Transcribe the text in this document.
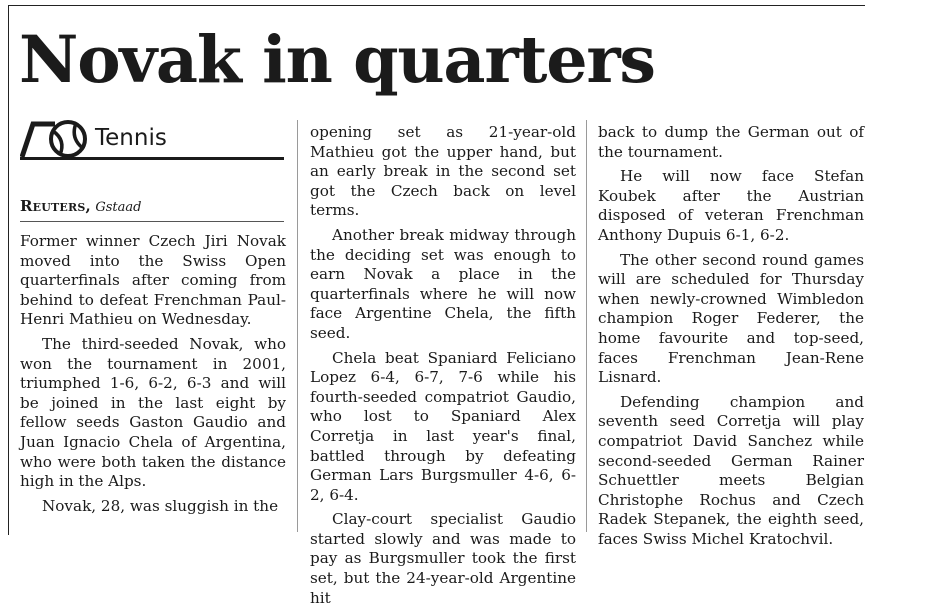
Novak in quarters
Tennis
Reuters, Gstaad

Former winner Czech Jiri Novak moved into the Swiss Open quarterfinals after coming from behind to defeat Frenchman Paul-Henri Mathieu on Wednesday.

The third-seeded Novak, who won the tournament in 2001, triumphed 1-6, 6-2, 6-3 and will be joined in the last eight by fellow seeds Gaston Gaudio and Juan Ignacio Chela of Argentina, who were both taken the distance high in the Alps.

Novak, 28, was sluggish in the

opening set as 21-year-old Mathieu got the upper hand, but an early break in the second set got the Czech back on level terms.

Another break midway through the deciding set was enough to earn Novak a place in the quarterfinals where he will now face Argentine Chela, the fifth seed.

Chela beat Spaniard Feliciano Lopez 6-4, 6-7, 7-6 while his fourth-seeded compatriot Gaudio, who lost to Spaniard Alex Corretja in last year's final, battled through by defeating German Lars Burgsmuller 4-6, 6-2, 6-4.

Clay-court specialist Gaudio started slowly and was made to pay as Burgsmuller took the first set, but the 24-year-old Argentine hit

back to dump the German out of the tournament.

He will now face Stefan Koubek after the Austrian disposed of veteran Frenchman Anthony Dupuis 6-1, 6-2.

The other second round games will are scheduled for Thursday when newly-crowned Wimbledon champion Roger Federer, the home favourite and top-seed, faces Frenchman Jean-Rene Lisnard.

Defending champion and seventh seed Corretja will play compatriot David Sanchez while second-seeded German Rainer Schuettler meets Belgian Christophe Rochus and Czech Radek Stepanek, the eighth seed, faces Swiss Michel Kratochvil.
